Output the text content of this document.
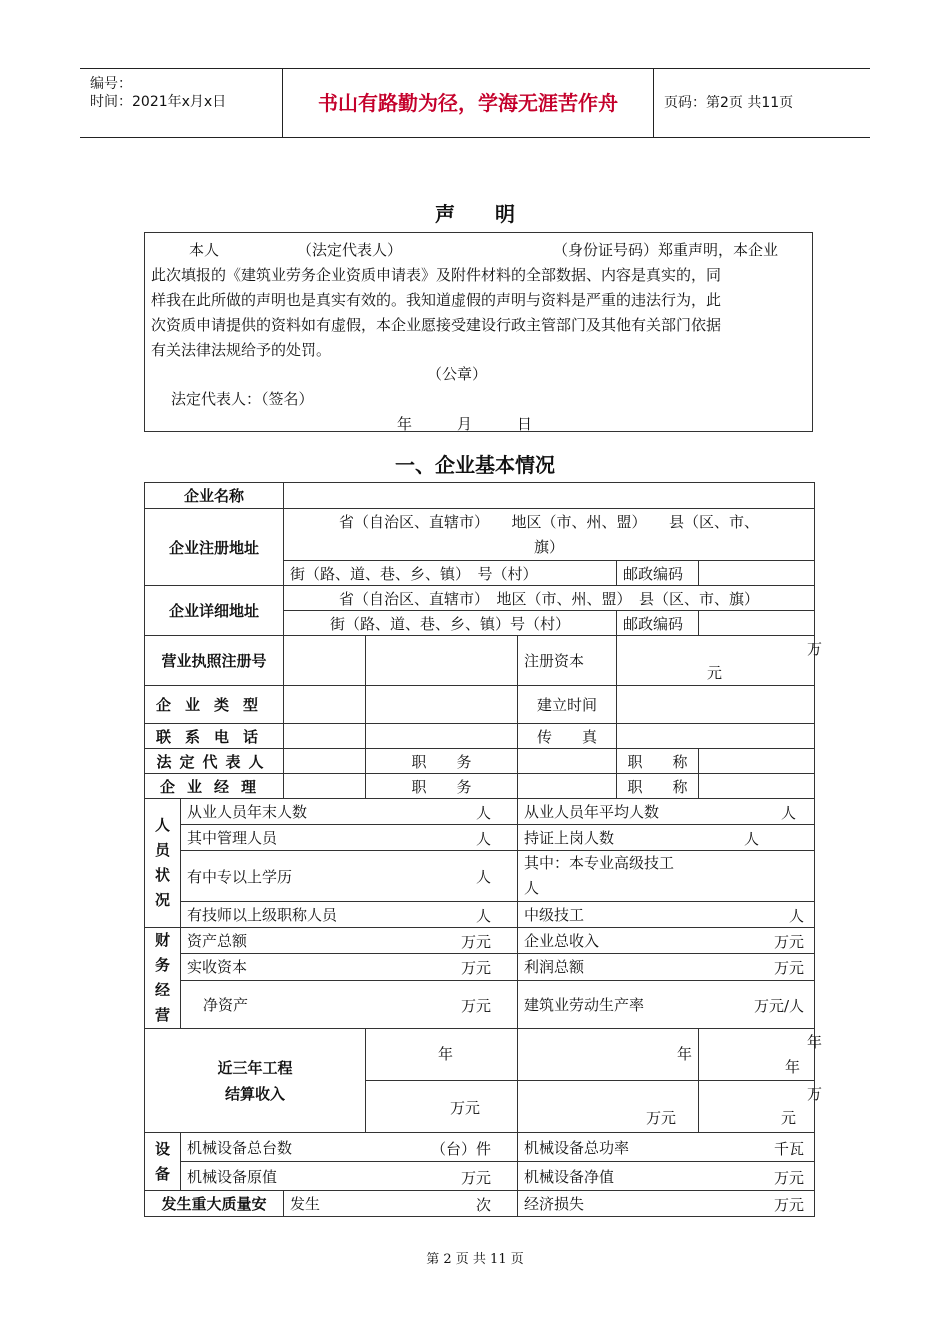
编号：
时间：2021年x月x日	书山有路勤为径，学海无涯苦作舟	页码：第2页 共11页
声　　明
本人	（法定代表人）	（身份证号码）郑重声明，本企业
此次填报的《建筑业劳务企业资质申请表》及附件材料的全部数据、内容是真实的，同
样我在此所做的声明也是真实有效的。我知道虚假的声明与资料是严重的违法行为，此
次资质申请提供的资料如有虚假，本企业愿接受建设行政主管部门及其他有关部门依据
有关法律法规给予的处罚。
（公章）
法定代表人：（签名）
年　　　月　　　日
一、企业基本情况
企业名称						
企业注册地址		省（自治区、直辖市）　　地区（市、州、盟）　　县（区、市、
旗）				
		街（路、道、巷、乡、镇）　号（村）			邮政编码	
企业详细地址		省（自治区、直辖市）　地区（市、州、盟）　县（区、市、旗）				
		街（路、道、巷、乡、镇）号（村）			邮政编码	
营业执照注册号				注册资本	万
元	

企业类型				建立时间		
联系电话				传　　真		
法定代表人			职　　务		职　　称	
企业经理			职　　务		职　　称	

人员状况	从业人员年末人数 人			从业人员年平均人数 人		

	其中管理人员 人			持证上岗人数 人		

	有中专以上学历 人			其中：本专业高级技工
人		
	有技师以上级职称人员 人			中级技工 人		

财务经营	资产总额 万元			企业总收入 万元		

	实收资本 万元			利润总额 万元		

	净资产 万元			建筑业劳动生产率 万元/人		

近三年工程
结算收入			年	年		年
年

			万元	万元		万
元

设备	机械设备总台数 （台）件			机械设备总功率 千瓦		

	机械设备原值 万元			机械设备净值 万元		

发生重大质量安		发生 次		经济损失 万元		
第 2 页 共 11 页
